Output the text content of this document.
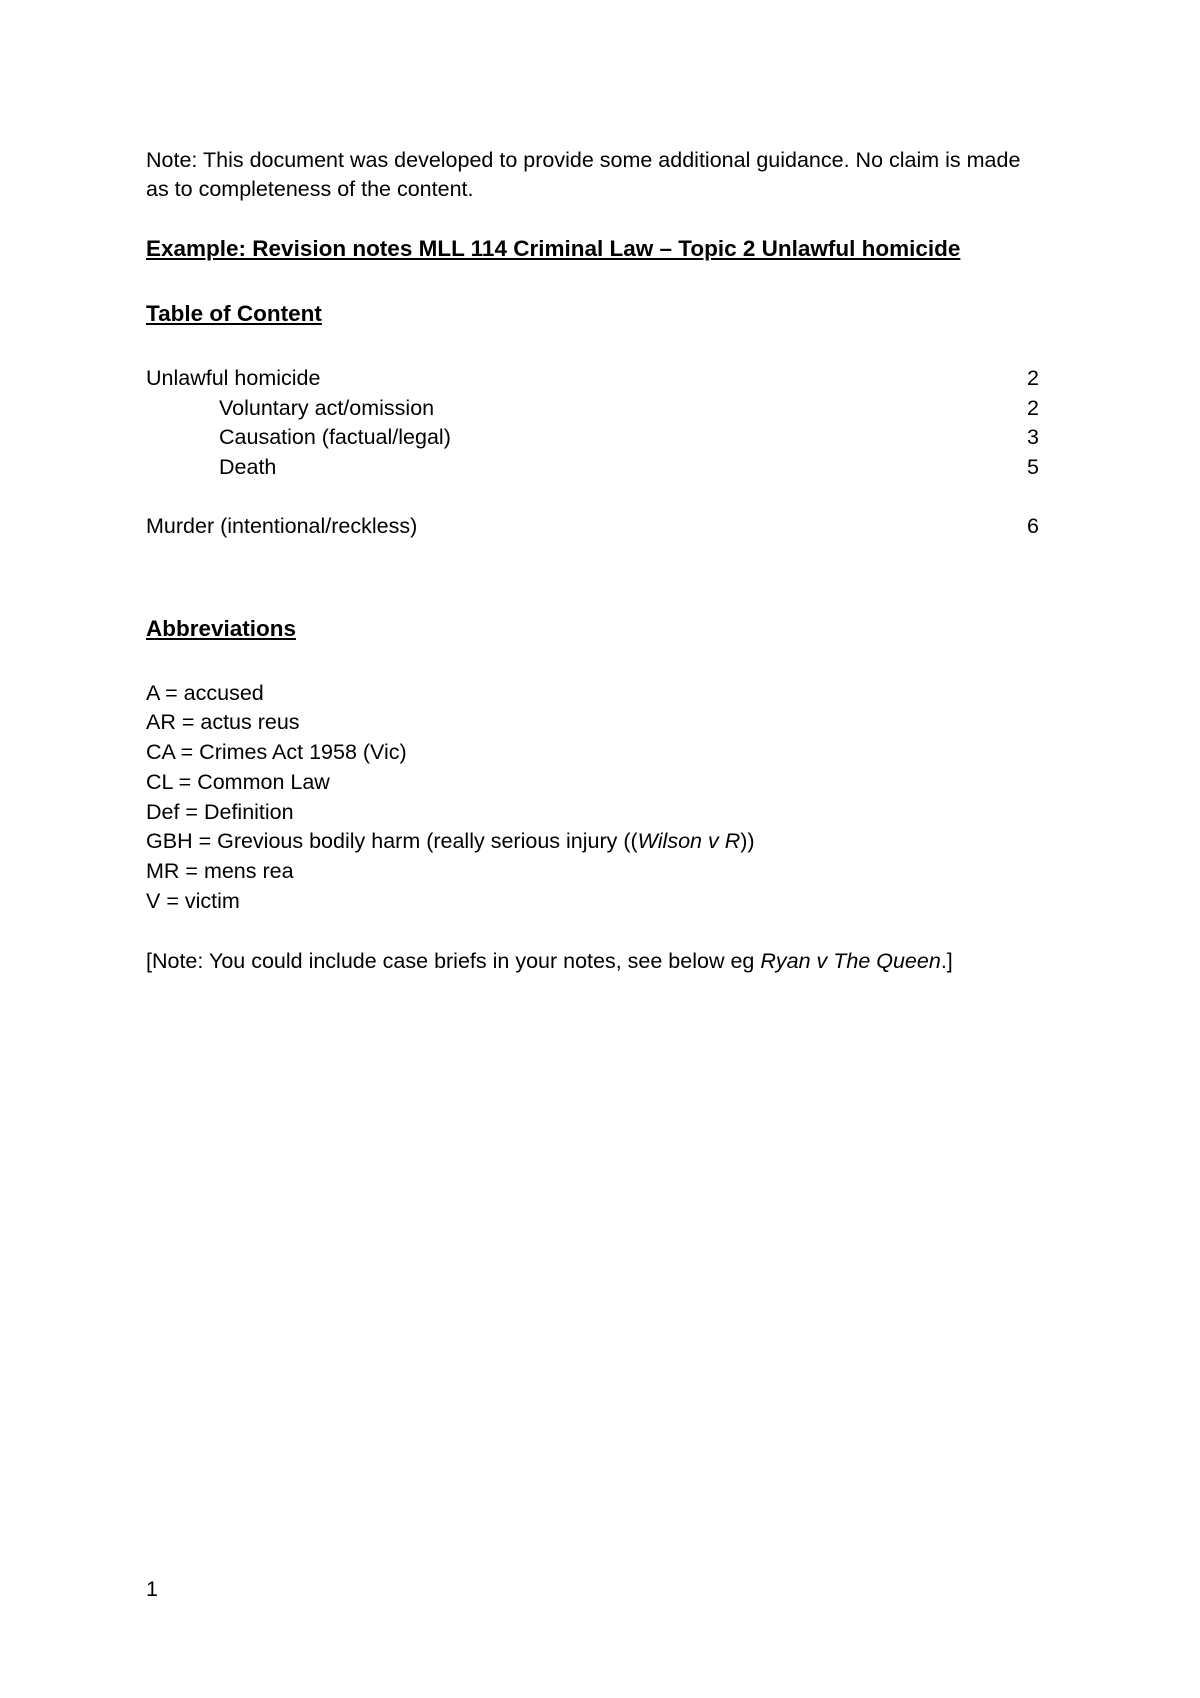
Note: This document was developed to provide some additional guidance. No claim is made as to completeness of the content.

Example: Revision notes MLL 114 Criminal Law – Topic 2 Unlawful homicide

Table of Content

Unlawful homicide	2
Voluntary act/omission	2
Causation (factual/legal)	3
Death	5
Murder (intentional/reckless)	6

Abbreviations

A = accused
AR = actus reus
CA = Crimes Act 1958 (Vic)
CL = Common Law
Def = Definition
GBH = Grevious bodily harm (really serious injury ((Wilson v R))
MR = mens rea
V = victim

[Note: You could include case briefs in your notes, see below eg Ryan v The Queen.]

1
